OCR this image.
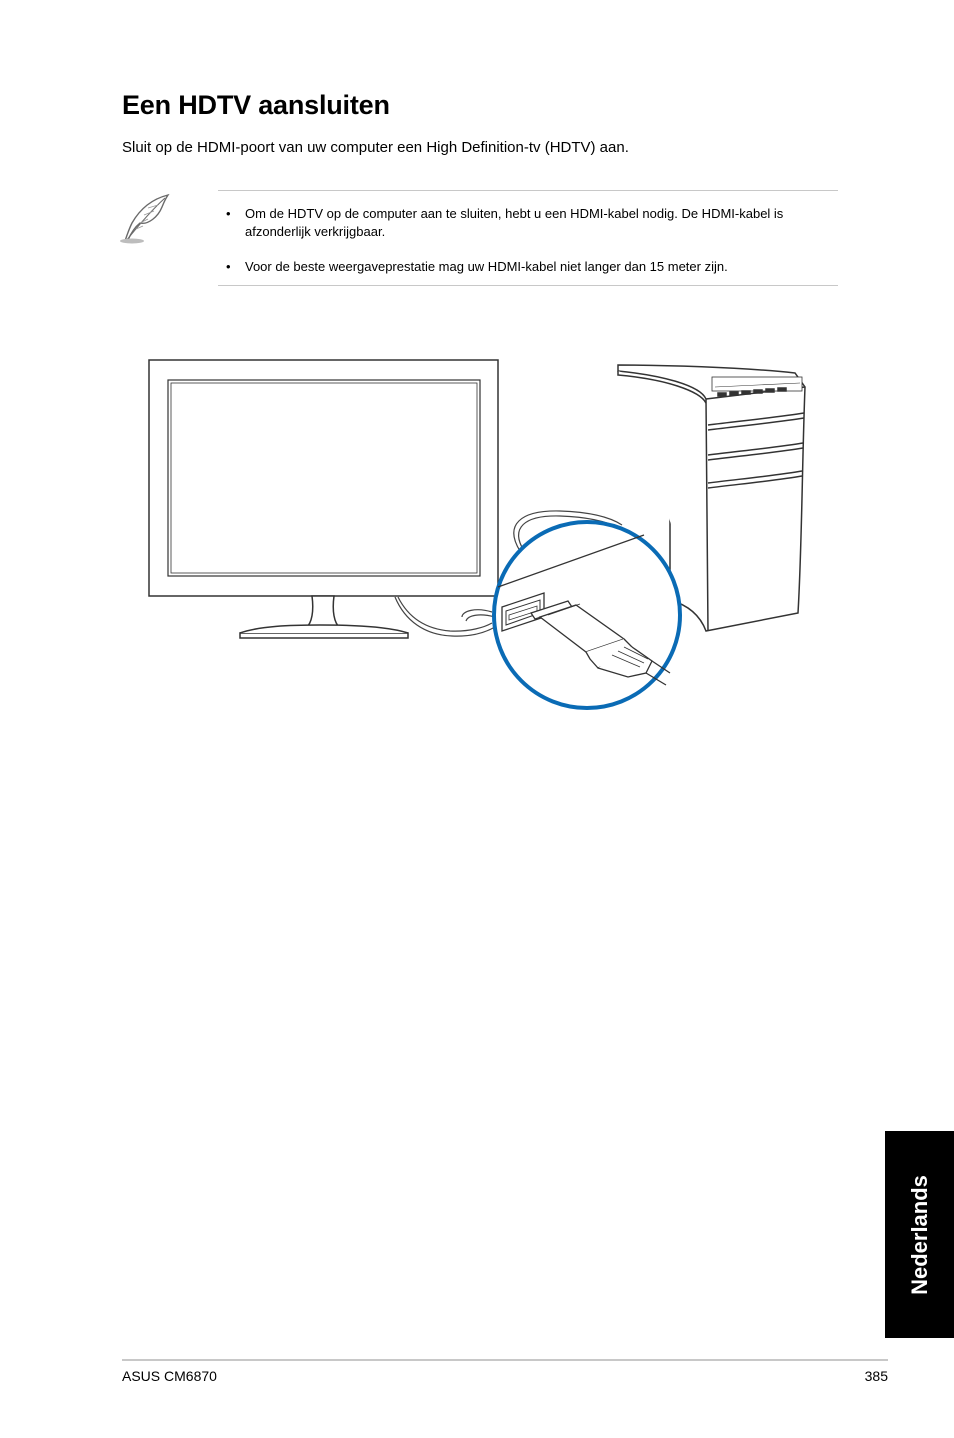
Een HDTV aansluiten

Sluit op de HDMI-poort van uw computer een High Definition-tv (HDTV) aan.

• Om de HDTV op de computer aan te sluiten, hebt u een HDMI-kabel nodig. De HDMI-kabel is afzonderlijk verkrijgbaar.
• Voor de beste weergaveprestatie mag uw HDMI-kabel niet langer dan 15 meter zijn.
Nederlands
ASUS CM6870	385
